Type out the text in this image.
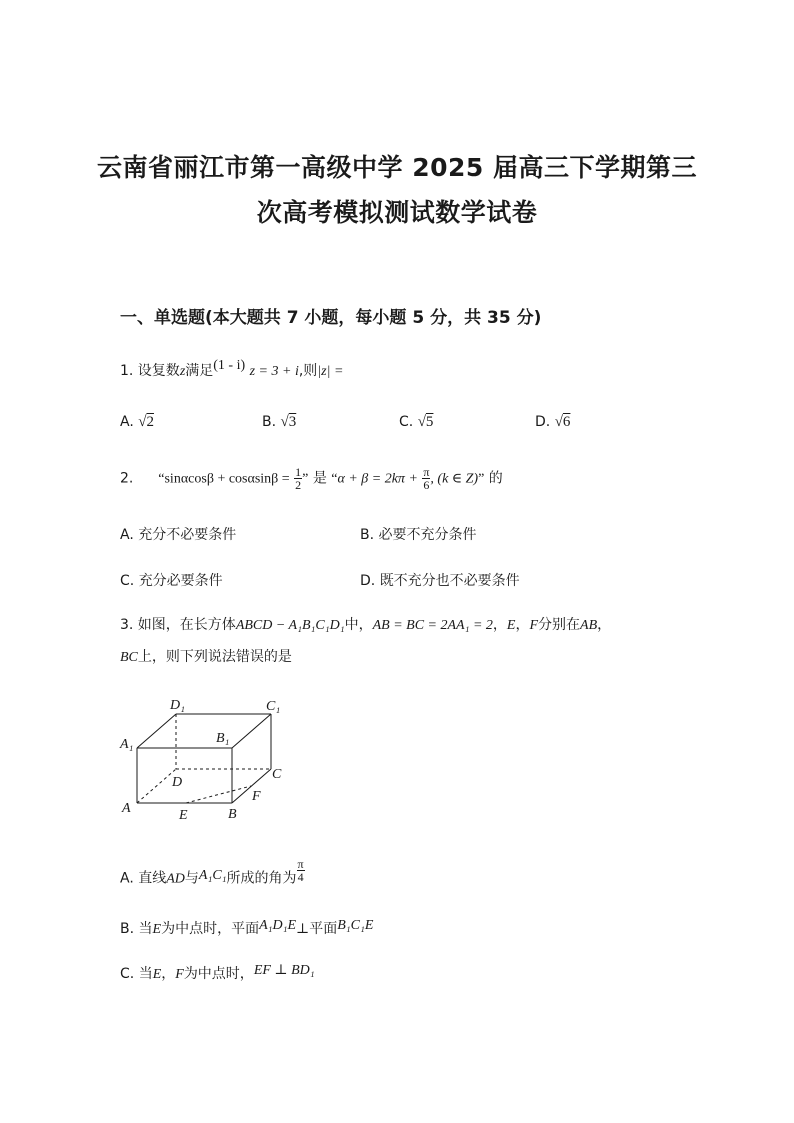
云南省丽江市第一高级中学 2025 届高三下学期第三
次高考模拟测试数学试卷
一、单选题(本大题共 7 小题，每小题 5 分，共 35 分)
1. 设复数z满足(1 - i) z = 3 + i,则|z| =
A. √2	B. √3	C. √5	D. √6
2. “$\sin\alpha\cos\beta + \cos\alpha\sin\beta = \frac{1}{2}$ ” 是 “$\alpha + \beta = 2k\pi + \frac{\pi}{6}$ , (k ∈ Z)” 的
A. 充分不必要条件	B. 必要不充分条件
C. 充分必要条件	D. 既不充分也不必要条件
3. 如图，在长方体ABCD − A₁B₁C₁D₁中，AB = BC = 2AA₁ = 2，E，F分别在AB，
BC上，则下列说法错误的是
D₁	C₁
A₁	B₁
D
C
A	B
E
F
A. 直线AD与A₁C₁所成的角为 $\frac{\pi}{4}$
B. 当E为中点时，平面A₁D₁E⊥平面B₁C₁E
C. 当E，F为中点时，EF ⊥ BD₁
